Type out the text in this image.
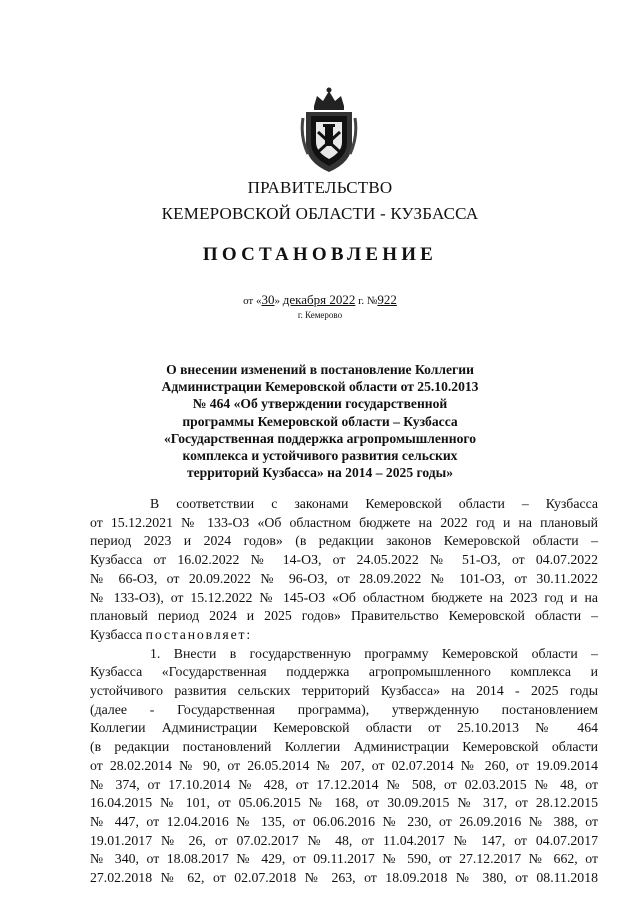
ПРАВИТЕЛЬСТВО
КЕМЕРОВСКОЙ ОБЛАСТИ - КУЗБАССА
ПОСТАНОВЛЕНИЕ
от «30» декабря 2022 г. №922
г. Кемерово
О внесении изменений в постановление Коллегии
Администрации Кемеровской области от 25.10.2013
№ 464 «Об утверждении государственной
программы Кемеровской области – Кузбасса
«Государственная поддержка агропромышленного
комплекса и устойчивого развития сельских
территорий Кузбасса» на 2014 – 2025 годы»
В соответствии с законами Кемеровской области – Кузбасса
от 15.12.2021 № 133-ОЗ «Об областном бюджете на 2022 год и на плановый
период 2023 и 2024 годов» (в редакции законов Кемеровской области –
Кузбасса от 16.02.2022 № 14-ОЗ, от 24.05.2022 № 51-ОЗ, от 04.07.2022
№ 66-ОЗ, от 20.09.2022 № 96-ОЗ, от 28.09.2022 № 101-ОЗ, от 30.11.2022
№ 133-ОЗ), от 15.12.2022 № 145-ОЗ «Об областном бюджете на 2023 год и на
плановый период 2024 и 2025 годов» Правительство Кемеровской области –
Кузбасса постановляет:
1. Внести в государственную программу Кемеровской области –
Кузбасса «Государственная поддержка агропромышленного комплекса и
устойчивого развития сельских территорий Кузбасса» на 2014 - 2025 годы
(далее - Государственная программа), утвержденную постановлением
Коллегии Администрации Кемеровской области от 25.10.2013 № 464
(в редакции постановлений Коллегии Администрации Кемеровской области
от 28.02.2014 № 90, от 26.05.2014 № 207, от 02.07.2014 № 260, от 19.09.2014
№ 374, от 17.10.2014 № 428, от 17.12.2014 № 508, от 02.03.2015 № 48, от
16.04.2015 № 101, от 05.06.2015 № 168, от 30.09.2015 № 317, от 28.12.2015
№ 447, от 12.04.2016 № 135, от 06.06.2016 № 230, от 26.09.2016 № 388, от
19.01.2017 № 26, от 07.02.2017 № 48, от 11.04.2017 № 147, от 04.07.2017
№ 340, от 18.08.2017 № 429, от 09.11.2017 № 590, от 27.12.2017 № 662, от
27.02.2018 № 62, от 02.07.2018 № 263, от 18.09.2018 № 380, от 08.11.2018
